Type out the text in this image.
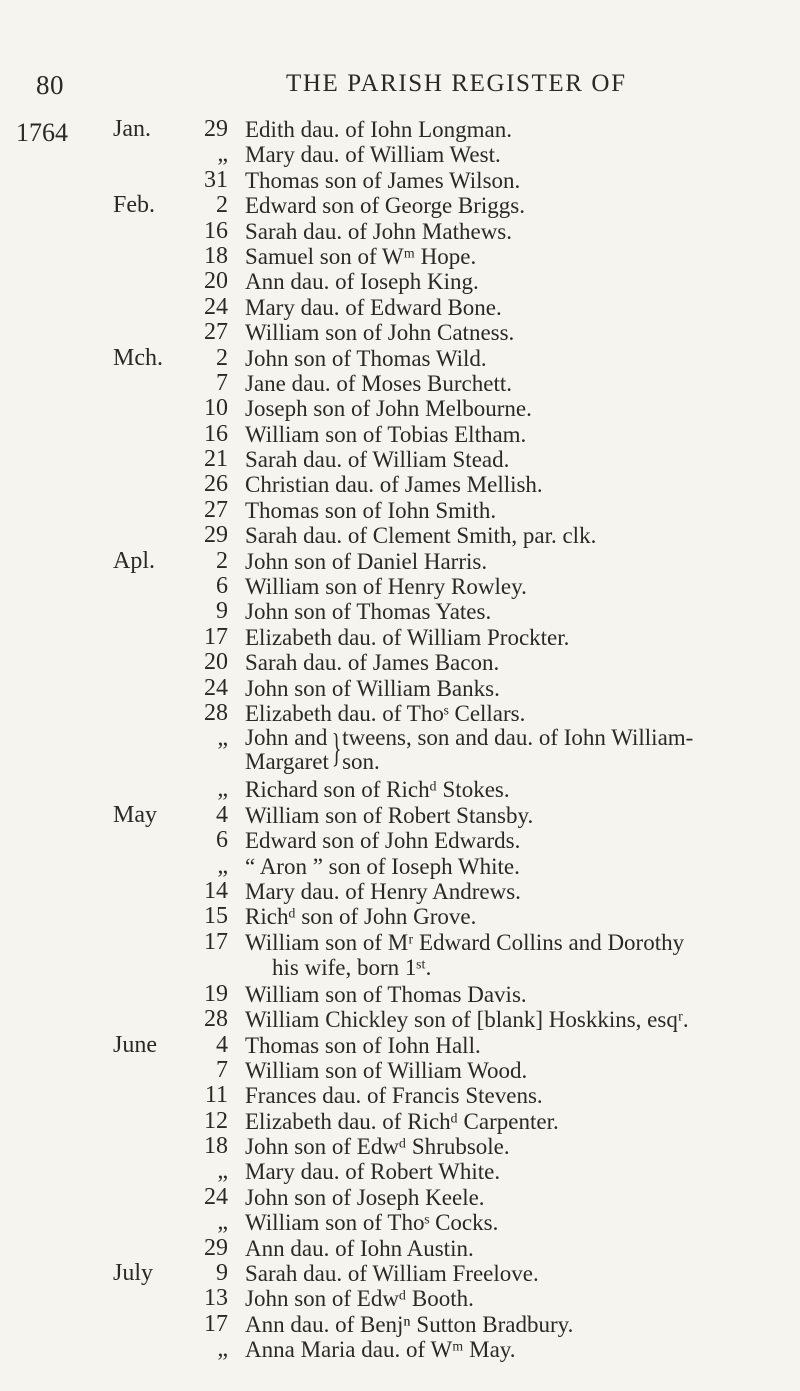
80	THE PARISH REGISTER OF
1764 Jan.	29 Edith dau. of Iohn Longman.
„ Mary dau. of William West.
31 Thomas son of James Wilson.
Feb.	2 Edward son of George Briggs.
16 Sarah dau. of John Mathews.
18 Samuel son of Wᵐ Hope.
20 Ann dau. of Ioseph King.
24 Mary dau. of Edward Bone.
27 William son of John Catness.
Mch.	2 John son of Thomas Wild.
7 Jane dau. of Moses Burchett.
10 Joseph son of John Melbourne.
16 William son of Tobias Eltham.
21 Sarah dau. of William Stead.
26 Christian dau. of James Mellish.
27 Thomas son of Iohn Smith.
29 Sarah dau. of Clement Smith, par. clk.
Apl.	2 John son of Daniel Harris.
6 William son of Henry Rowley.
9 John son of Thomas Yates.
17 Elizabeth dau. of William Prockter.
20 Sarah dau. of James Bacon.
24 John son of William Banks.
28 Elizabeth dau. of Thoˢ Cellars.
„ John and
Margaret}tweens, son and dau. of Iohn William-
son.
„ Richard son of Richᵈ Stokes.
May	4 William son of Robert Stansby.
6 Edward son of John Edwards.
„ “ Aron ” son of Ioseph White.
14 Mary dau. of Henry Andrews.
15 Richᵈ son of John Grove.
17 William son of Mʳ Edward Collins and Dorothy
his wife, born 1ˢᵗ.
19 William son of Thomas Davis.
28 William Chickley son of [blank] Hoskkins, esqʳ.
June	4 Thomas son of Iohn Hall.
7 William son of William Wood.
11 Frances dau. of Francis Stevens.
12 Elizabeth dau. of Richᵈ Carpenter.
18 John son of Edwᵈ Shrubsole.
„ Mary dau. of Robert White.
24 John son of Joseph Keele.
„ William son of Thoˢ Cocks.
29 Ann dau. of Iohn Austin.
July	9 Sarah dau. of William Freelove.
13 John son of Edwᵈ Booth.
17 Ann dau. of Benjⁿ Sutton Bradbury.
„ Anna Maria dau. of Wᵐ May.
